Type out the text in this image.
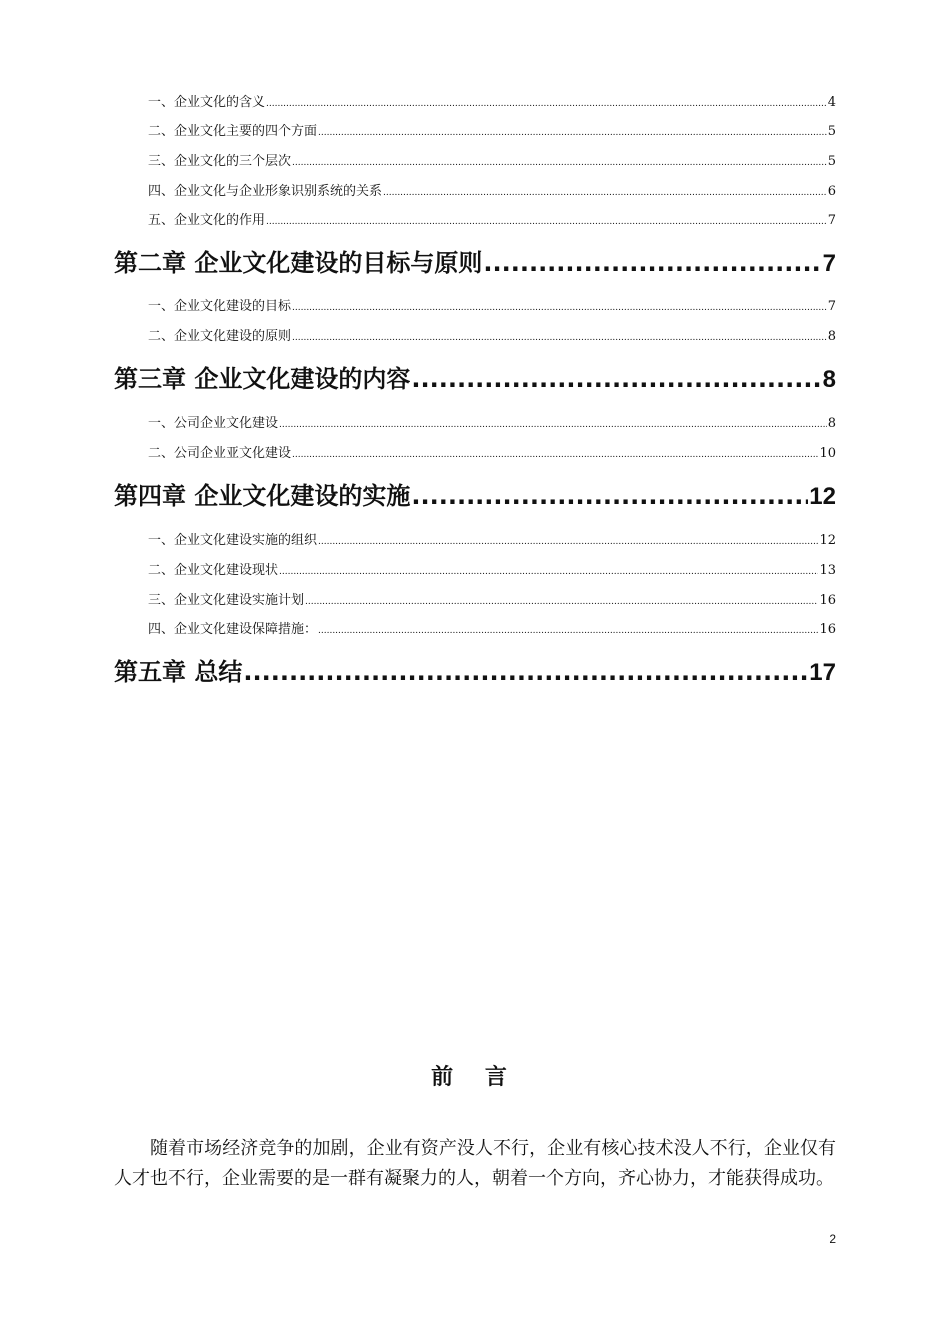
一、企业文化的含义 .....	4
二、企业文化主要的四个方面 .....	5
三、企业文化的三个层次 .....	5
四、企业文化与企业形象识别系统的关系 .....	6
五、企业文化的作用 .....	7
第二章 企业文化建设的目标与原则 .....	7
一、企业文化建设的目标 .....	7
二、企业文化建设的原则 .....	8
第三章 企业文化建设的内容 .....	8
一、公司企业文化建设 .....	8
二、公司企业亚文化建设 .....	10
第四章 企业文化建设的实施 .....	12
一、企业文化建设实施的组织 .....	12
二、企业文化建设现状 .....	13
三、企业文化建设实施计划 .....	16
四、企业文化建设保障措施： .....	16
第五章 总结 .....	17
前 言
随着市场经济竞争的加剧，企业有资产没人不行，企业有核心技术没人不行，企业仅有人才也不行，企业需要的是一群有凝聚力的人，朝着一个方向，齐心协力，才能获得成功。
2
